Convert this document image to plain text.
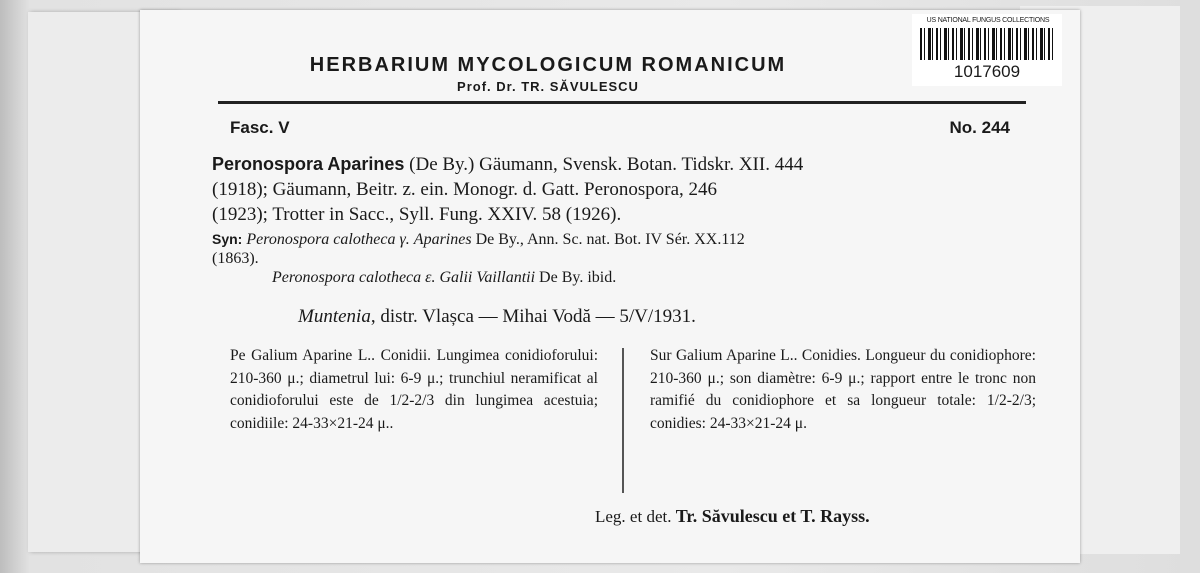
HERBARIUM MYCOLOGICUM ROMANICUM
Prof. Dr. TR. SĂVULESCU
US NATIONAL FUNGUS COLLECTIONS
1017609
Fasc. V	No. 244
Peronospora Aparines (De By.) Gäumann, Svensk. Botan. Tidskr. XII. 444
(1918); Gäumann, Beitr. z. ein. Monogr. d. Gatt. Peronospora, 246
(1923); Trotter in Sacc., Syll. Fung. XXIV. 58 (1926).
Syn: Peronospora calotheca γ. Aparines De By., Ann. Sc. nat. Bot. IV Sér. XX.112
(1863).
Peronospora calotheca ε. Galii Vaillantii De By. ibid.
Muntenia, distr. Vlașca — Mihai Vodă — 5/V/1931.
Pe Galium Aparine L.. Conidii. Lungimea conidioforului: 210-360 μ.; diametrul lui: 6-9 μ.; trunchiul neramificat al conidioforului este de 1/2-2/3 din lungimea acestuia; conidiile: 24-33×21-24 μ..
Sur Galium Aparine L.. Conidies. Longueur du conidiophore: 210-360 μ.; son diamètre: 6-9 μ.; rapport entre le tronc non ramifié du conidiophore et sa longueur totale: 1/2-2/3; conidies: 24-33×21-24 μ.
Leg. et det. Tr. Săvulescu et T. Rayss.
